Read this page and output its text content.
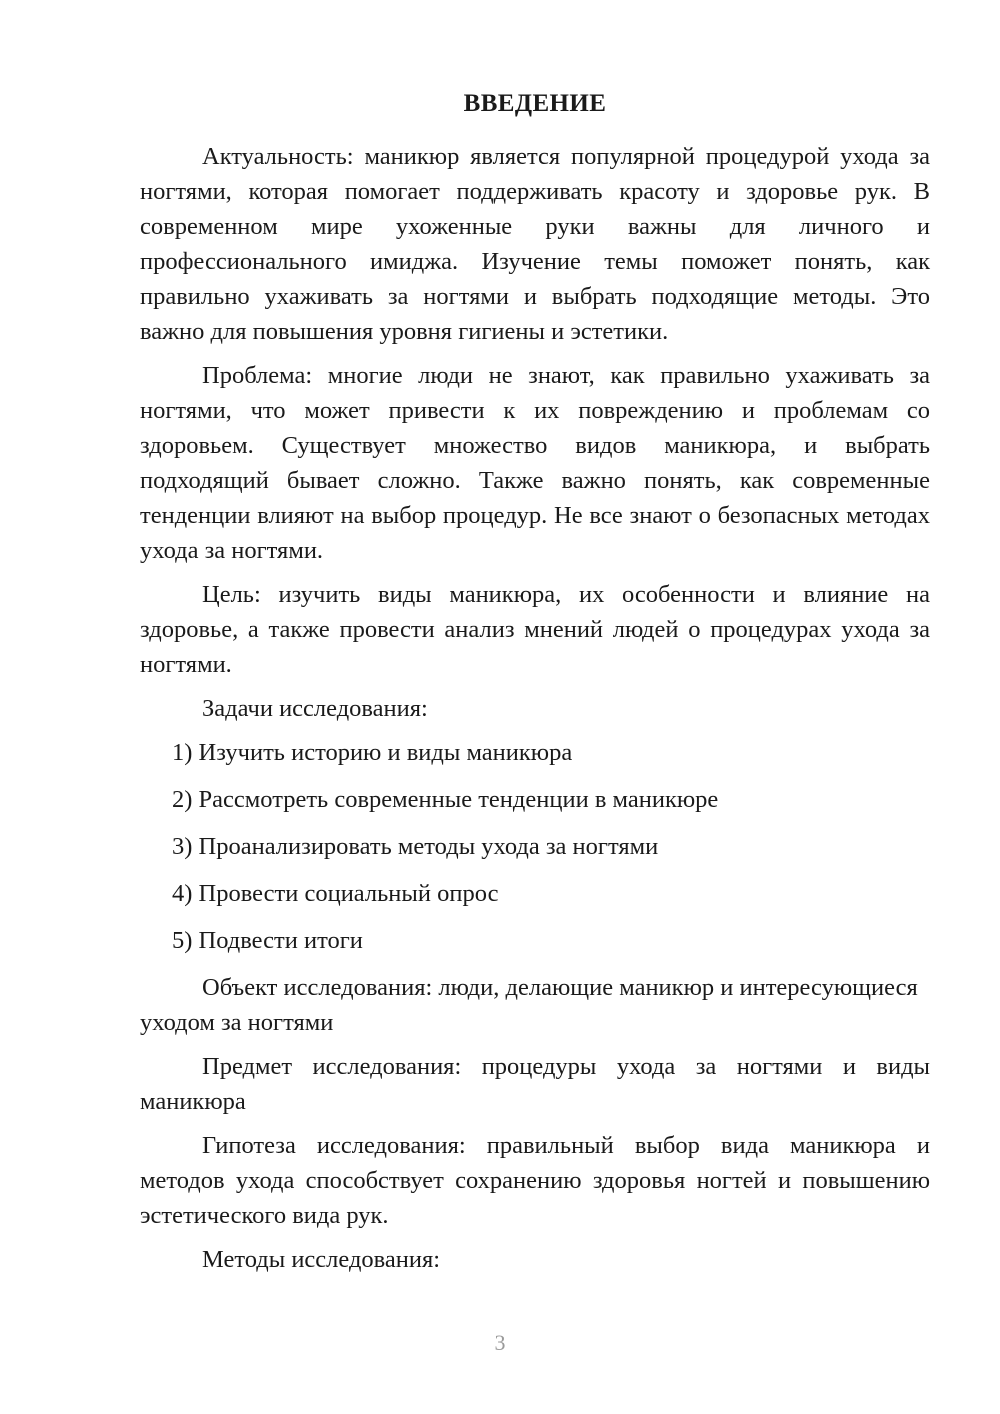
ВВЕДЕНИЕ

Актуальность: маникюр является популярной процедурой ухода за ногтями, которая помогает поддерживать красоту и здоровье рук. В современном мире ухоженные руки важны для личного и профессионального имиджа. Изучение темы поможет понять, как правильно ухаживать за ногтями и выбрать подходящие методы. Это важно для повышения уровня гигиены и эстетики.

Проблема: многие люди не знают, как правильно ухаживать за ногтями, что может привести к их повреждению и проблемам со здоровьем. Существует множество видов маникюра, и выбрать подходящий бывает сложно. Также важно понять, как современные тенденции влияют на выбор процедур. Не все знают о безопасных методах ухода за ногтями.

Цель: изучить виды маникюра, их особенности и влияние на здоровье, а также провести анализ мнений людей о процедурах ухода за ногтями.

Задачи исследования:

1) Изучить историю и виды маникюра
2) Рассмотреть современные тенденции в маникюре
3) Проанализировать методы ухода за ногтями
4) Провести социальный опрос
5) Подвести итоги

Объект исследования: люди, делающие маникюр и интересующиеся уходом за ногтями

Предмет исследования: процедуры ухода за ногтями и виды маникюра

Гипотеза исследования: правильный выбор вида маникюра и методов ухода способствует сохранению здоровья ногтей и повышению эстетического вида рук.

Методы исследования:

3
